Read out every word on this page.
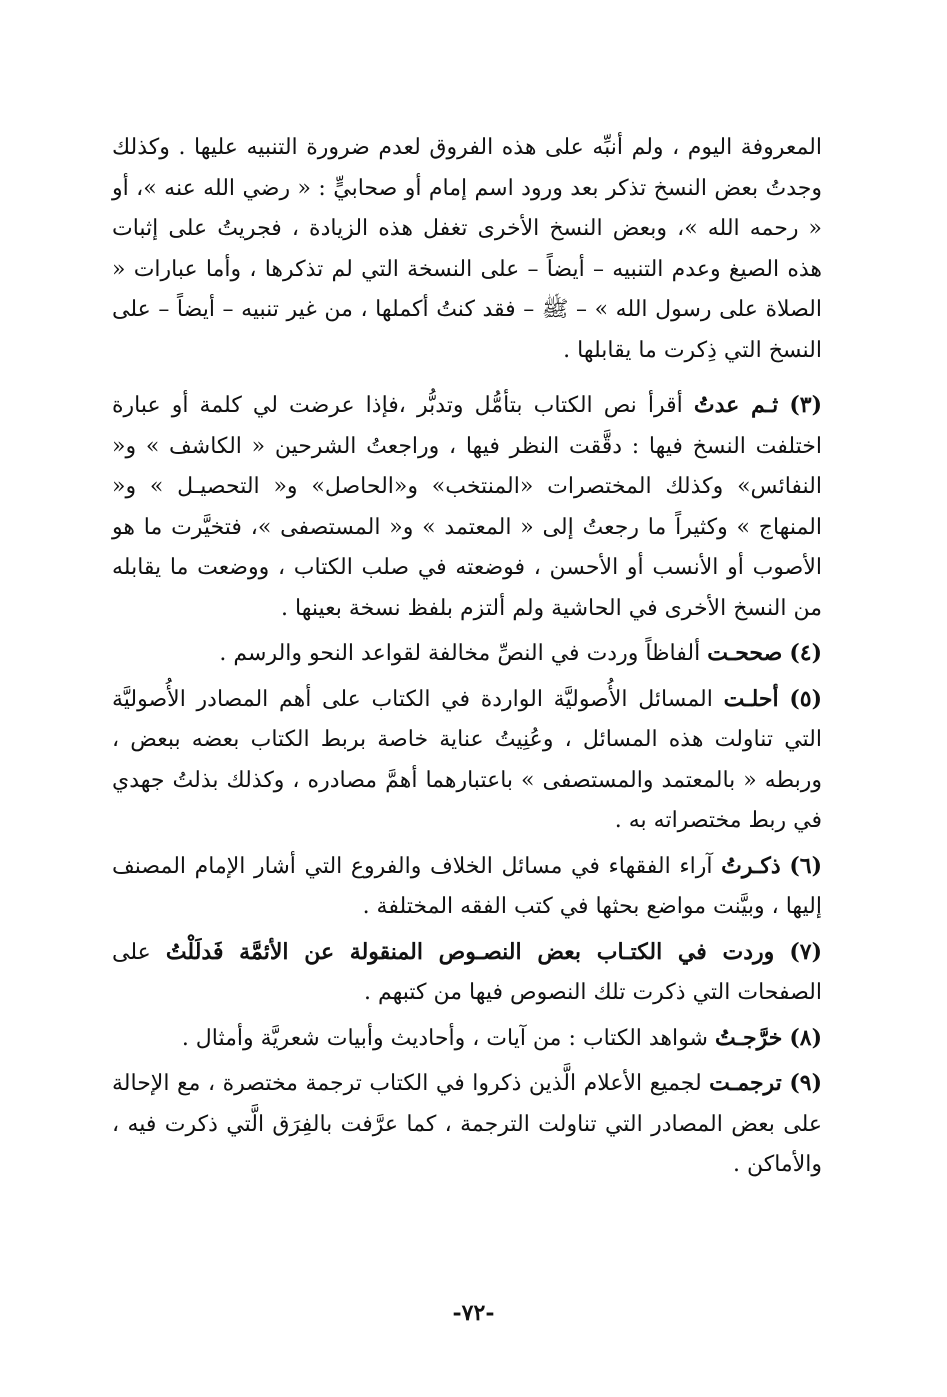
المعروفة اليوم ، ولم أنبِّه على هذه الفروق لعدم ضرورة التنبيه عليها . وكذلك وجدتُ بعض النسخ تذكر بعد ورود اسم إمام أو صحابيٍّ : « رضي الله عنه »، أو « رحمه الله »، وبعض النسخ الأخرى تغفل هذه الزيادة ، فجريتُ على إثبات هذه الصيغ وعدم التنبيه – أيضاً – على النسخة التي لم تذكرها ، وأما عبارات « الصلاة على رسول الله » – ﷺ – فقد كنتُ أكملها ، من غير تنبيه – أيضاً – على النسخ التي ذِكرت ما يقابلها .

(٣) ثـم عدتُ أقرأ نص الكتاب بتأمُّل وتدبُّر ،فإذا عرضت لي كلمة أو عبارة اختلفت النسخ فيها : دقَّقت النظر فيها ، وراجعتُ الشرحين « الكاشف » و« النفائس» وكذلك المختصرات «المنتخب» و«الحاصل» و« التحصيـل » و« المنهاج » وكثيراً ما رجعتُ إلى « المعتمد » و« المستصفى »، فتخيَّرت ما هو الأصوب أو الأنسب أو الأحسن ، فوضعته في صلب الكتاب ، ووضعت ما يقابله من النسخ الأخرى في الحاشية ولم ألتزم بلفظ نسخة بعينها .

(٤) صححـت ألفاظاً وردت في النصِّ مخالفة لقواعد النحو والرسم .

(٥) أحلـت المسائل الأُصوليَّة الواردة في الكتاب على أهم المصادر الأُصوليَّة التي تناولت هذه المسائل ، وعُنِيتُ عناية خاصة بربط الكتاب بعضه ببعض ، وربطه « بالمعتمد والمستصفى » باعتبارهما أهمَّ مصادره ، وكذلك بذلتُ جهدي في ربط مختصراته به .

(٦) ذكـرتُ آراء الفقهاء في مسائل الخلاف والفروع التي أشار الإمام المصنف إليها ، وبيَّنت مواضع بحثها في كتب الفقه المختلفة .

(٧) وردت في الكتـاب بعض النصـوص المنقولة عن الأئمَّة فَدلَلْتُ على الصفحات التي ذكرت تلك النصوص فيها من كتبهم .

(٨) خرَّجـتُ شواهد الكتاب : من آيات ، وأحاديث وأبيات شعريَّة وأمثال .

(٩) ترجمـت لجميع الأعلام الَّذين ذكروا في الكتاب ترجمة مختصرة ، مع الإحالة على بعض المصادر التي تناولت الترجمة ، كما عرَّفت بالفِرَق الَّتي ذكرت فيه ، والأماكن .

-٧٢-
